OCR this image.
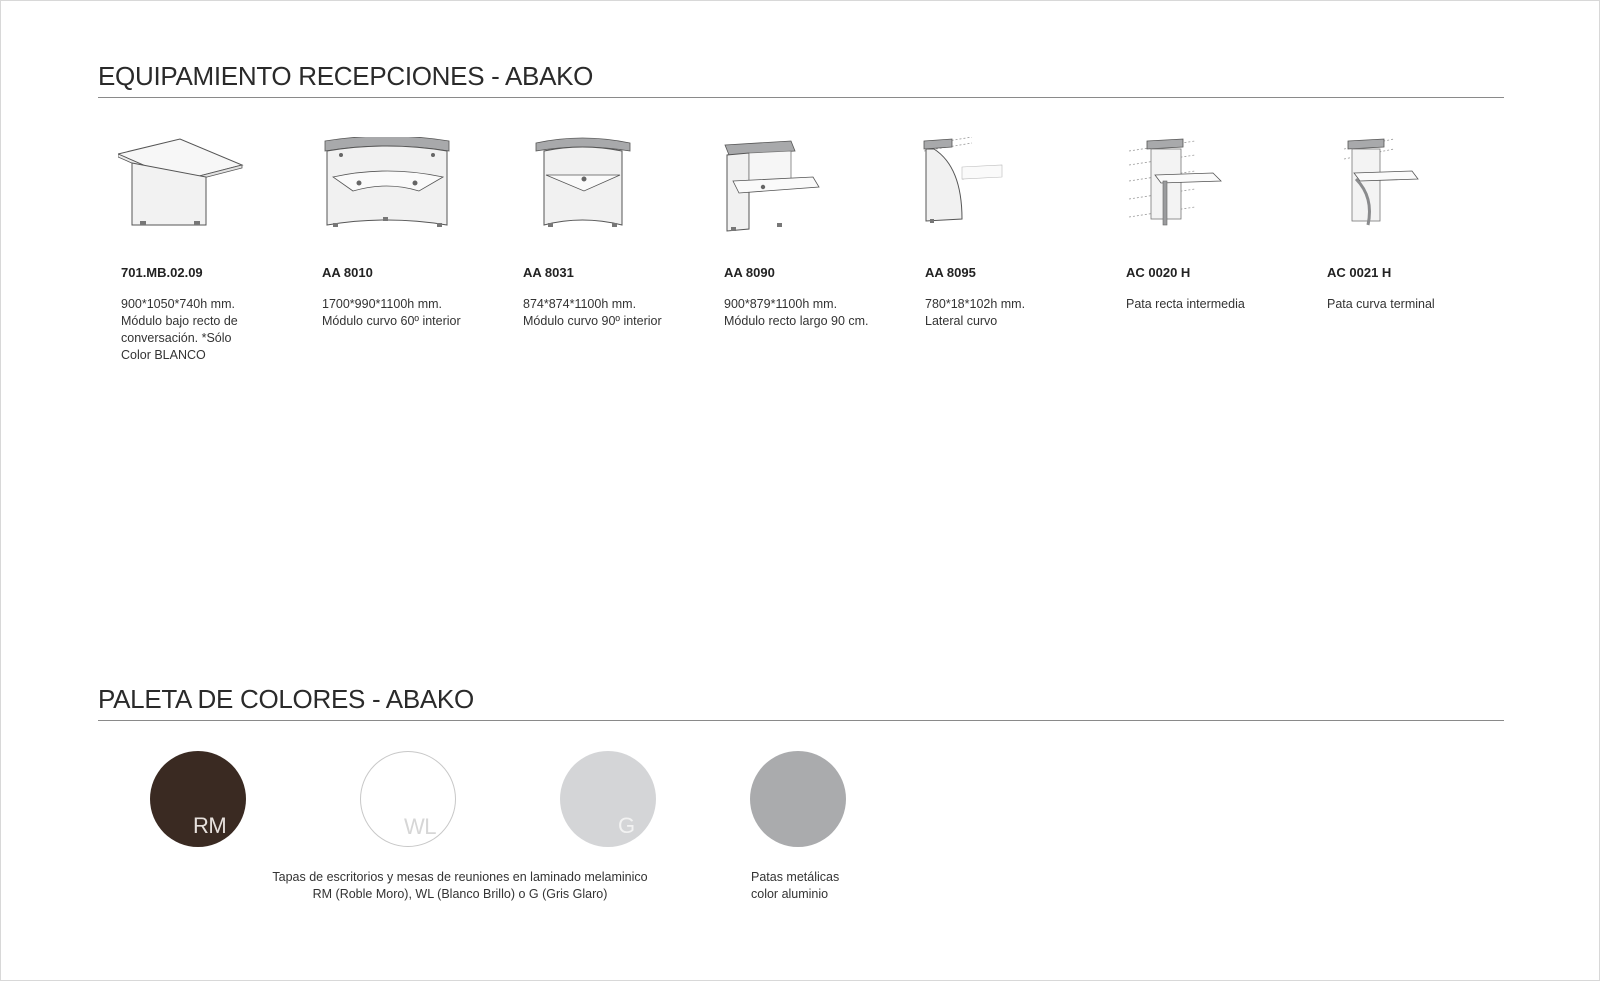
EQUIPAMIENTO RECEPCIONES - ABAKO
701.MB.02.09
900*1050*740h mm.
Módulo bajo recto de
conversación. *Sólo
Color BLANCO
AA 8010
1700*990*1100h mm.
Módulo curvo 60º interior
AA 8031
874*874*1100h mm.
Módulo curvo 90º interior
AA 8090
900*879*1100h mm.
Módulo recto largo 90 cm.
AA 8095
780*18*102h mm.
Lateral curvo
AC 0020 H
Pata recta intermedia
AC 0021 H
Pata curva terminal
PALETA DE COLORES - ABAKO
RM	WL	G
Tapas de escritorios y mesas de reuniones en laminado melaminico
RM (Roble Moro), WL (Blanco Brillo) o G (Gris Glaro)
Patas metálicas
color aluminio
